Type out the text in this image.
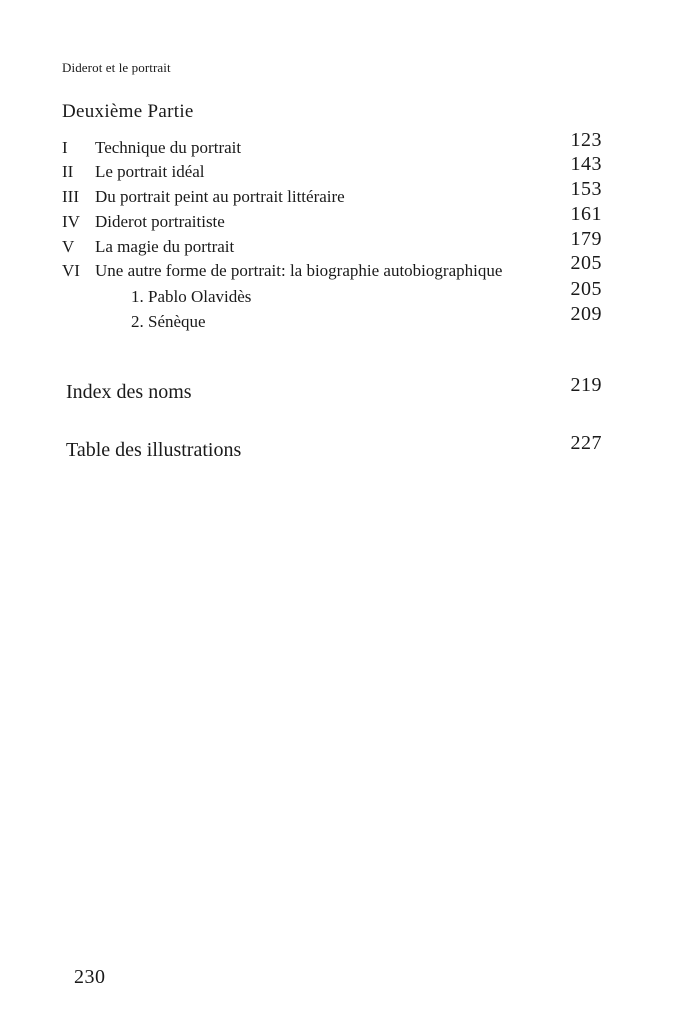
Diderot et le portrait
Deuxième Partie
I Technique du portrait	123
II Le portrait idéal	143
III Du portrait peint au portrait littéraire	153
IV Diderot portraitiste	161
V La magie du portrait	179
VI Une autre forme de portrait: la biographie autobiographique	205
1. Pablo Olavidès	205
2. Sénèque	209
Index des noms	219
Table des illustrations	227
230
